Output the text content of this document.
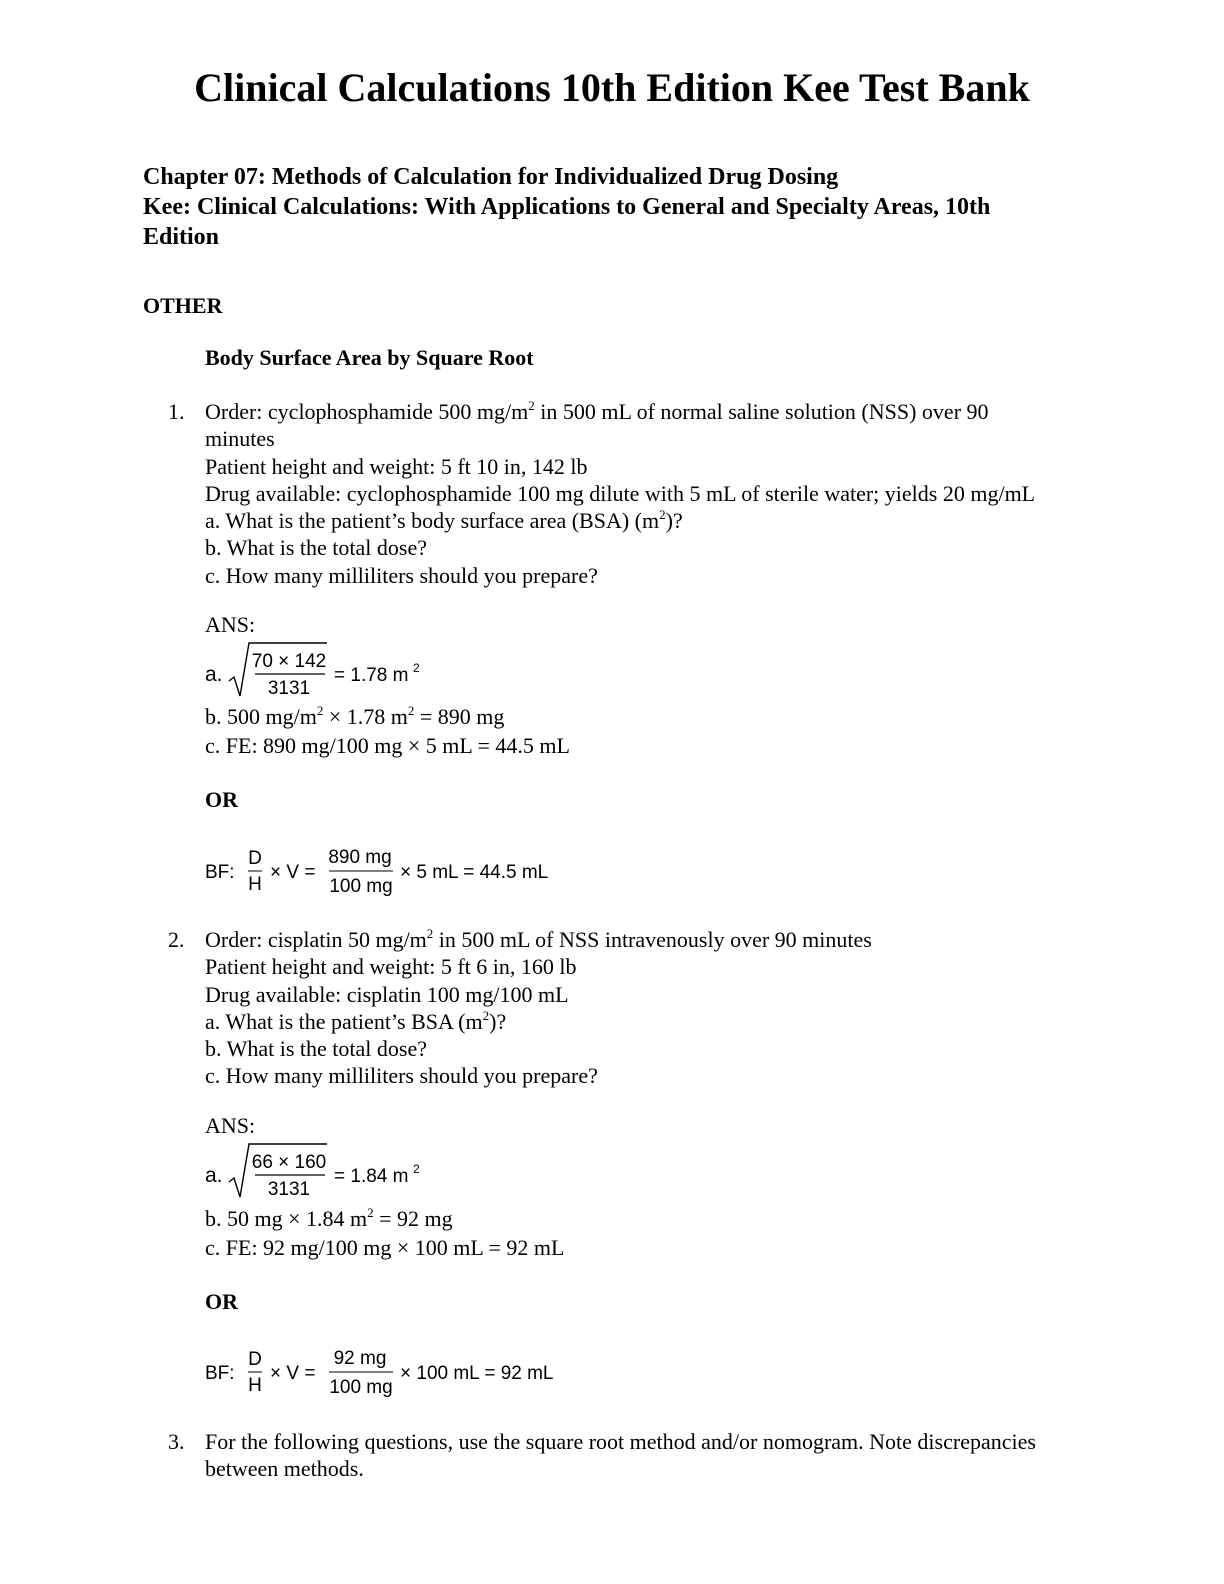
Clinical Calculations 10th Edition Kee Test Bank
Chapter 07: Methods of Calculation for Individualized Drug Dosing
Kee: Clinical Calculations: With Applications to General and Specialty Areas, 10th
Edition
OTHER
Body Surface Area by Square Root
1. Order: cyclophosphamide 500 $mg/m^2$ in 500 mL of normal saline solution (NSS) over 90
minutes
Patient height and weight: 5 ft 10 in, 142 lb
Drug available: cyclophosphamide 100 mg dilute with 5 mL of sterile water; yields 20 mg/mL
a. What is the patient’s body surface area (BSA) $(m^2)$?
b. What is the total dose?
c. How many milliliters should you prepare?
ANS:
a.
70 × 142
3131
= 1.78 m 2
b. 500 $mg/m^2 \times 1.78$ $m^2 = 890$ mg
c. FE: 890 mg/100 mg × 5 mL = 44.5 mL
OR
BF:
D
H
× V =
890 mg
100 mg
× 5 mL = 44.5 mL
2. Order: cisplatin 50 $mg/m^2$ in 500 mL of NSS intravenously over 90 minutes
Patient height and weight: 5 ft 6 in, 160 lb
Drug available: cisplatin 100 mg/100 mL
a. What is the patient’s BSA $(m^2)$?
b. What is the total dose?
c. How many milliliters should you prepare?
ANS:
a.
66 × 160
3131
= 1.84 m 2
b. 50 mg × 1.84 $m^2 = 92$ mg
c. FE: 92 mg/100 mg × 100 mL = 92 mL
OR
BF:
D
H
× V =
92 mg
100 mg
× 100 mL = 92 mL
3. For the following questions, use the square root method and/or nomogram. Note discrepancies
between methods.
